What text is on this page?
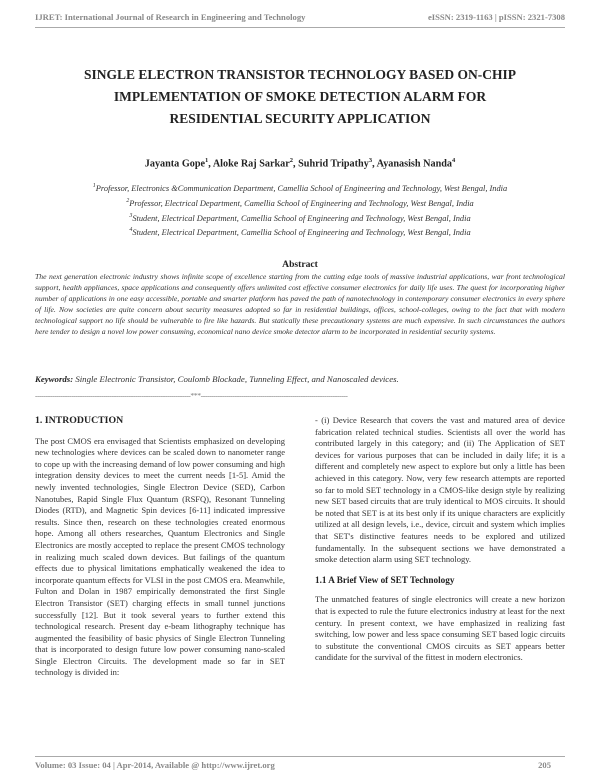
IJRET: International Journal of Research in Engineering and Technology	eISSN: 2319-1163 | pISSN: 2321-7308
SINGLE ELECTRON TRANSISTOR TECHNOLOGY BASED ON-CHIP
IMPLEMENTATION OF SMOKE DETECTION ALARM FOR
RESIDENTIAL SECURITY APPLICATION
Jayanta Gope$^1$, Aloke Raj Sarkar$^2$, Suhrid Tripathy$^3$, Ayanasish Nanda$^4$
$^1$Professor, Electronics &Communication Department, Camellia School of Engineering and Technology, West Bengal, India
$^2$Professor, Electrical Department, Camellia School of Engineering and Technology, West Bengal, India
$^3$Student, Electrical Department, Camellia School of Engineering and Technology, West Bengal, India
$^4$Student, Electrical Department, Camellia School of Engineering and Technology, West Bengal, India
Abstract
The next generation electronic industry shows infinite scope of excellence starting from the cutting edge tools of massive industrial applications, war front technological support, health appliances, space applications and consequently offers unlimited cost effective consumer electronics for daily life uses. The quest for incorporating higher number of applications in one easy accessible, portable and smarter platform has paved the path of nanotechnology in contemporary consumer electronics in every sphere of life. Now societies are quite concern about security measures adopted so far in residential buildings, offices, school-colleges, owing to the fact that with modern technological support no life should be vulnerable to fire like hazards. But statically these precautionary systems are much expensive. In such circumstances the authors here tender to design a novel low power consuming, economical nano device smoke detector alarm to be incorporated in residential security systems.
Keywords: Single Electronic Transistor, Coulomb Blockade, Tunneling Effect, and Nanoscaled devices.
-------------------------------------------------------------------------***---------------------------------------------------------------------
1. INTRODUCTION

The post CMOS era envisaged that Scientists emphasized on developing new technologies where devices can be scaled down to nanometer range to cope up with the increasing demand of low power consuming and high integration density devices to meet the current needs [1-5]. Amid the newly invented technologies, Single Electron Device (SED), Carbon Nanotubes, Rapid Single Flux Quantum (RSFQ), Resonant Tunneling Diodes (RTD), and Magnetic Spin devices [6-11] indicated impressive results. Since then, research on these technologies created enormous hope. Among all others researches, Quantum Electronics and Single Electronics are mostly accepted to replace the present CMOS technology in realizing much scaled down devices. But failings of the quantum effects due to physical limitations emphatically weakened the idea to incorporate quantum effects for VLSI in the post CMOS era. Meanwhile, Fulton and Dolan in 1987 empirically demonstrated the first Single Electron Transistor (SET) charging effects in small tunnel junctions successfully [12]. But it took several years to further extend this technological research. Present day e-beam lithography technique has augmented the feasibility of basic physics of Single Electron Tunneling that is incorporated to design future low power consuming nano-scaled Single Electron Circuits. The development made so far in SET technology is divided in:

- (i) Device Research that covers the vast and matured area of device fabrication related technical studies. Scientists all over the world has contributed largely in this category; and (ii) The Application of SET devices for various purposes that can be included in daily life; it is a different and completely new aspect to explore but only a little has been achieved in this category. Now, very few research attempts are reported so far to mold SET technology in a CMOS-like design style by realizing new SET based circuits that are truly identical to MOS circuits. It should be noted that SET is at its best only if its unique characters are explicitly utilized at all design levels, i.e., device, circuit and system which implies that SET's distinctive features needs to be explored and utilized fundamentally. In the subsequent sections we have demonstrated a smoke detection alarm using SET technology.

1.1 A Brief View of SET Technology

The unmatched features of single electronics will create a new horizon that is expected to rule the future electronics industry at least for the next century. In present context, we have emphasized in realizing fast switching, low power and less space consuming SET based logic circuits to substitute the conventional CMOS circuits as SET appears better candidate for the survival of the fittest in modern electronics.

Volume: 03 Issue: 04 | Apr-2014, Available @ http://www.ijret.org	205
